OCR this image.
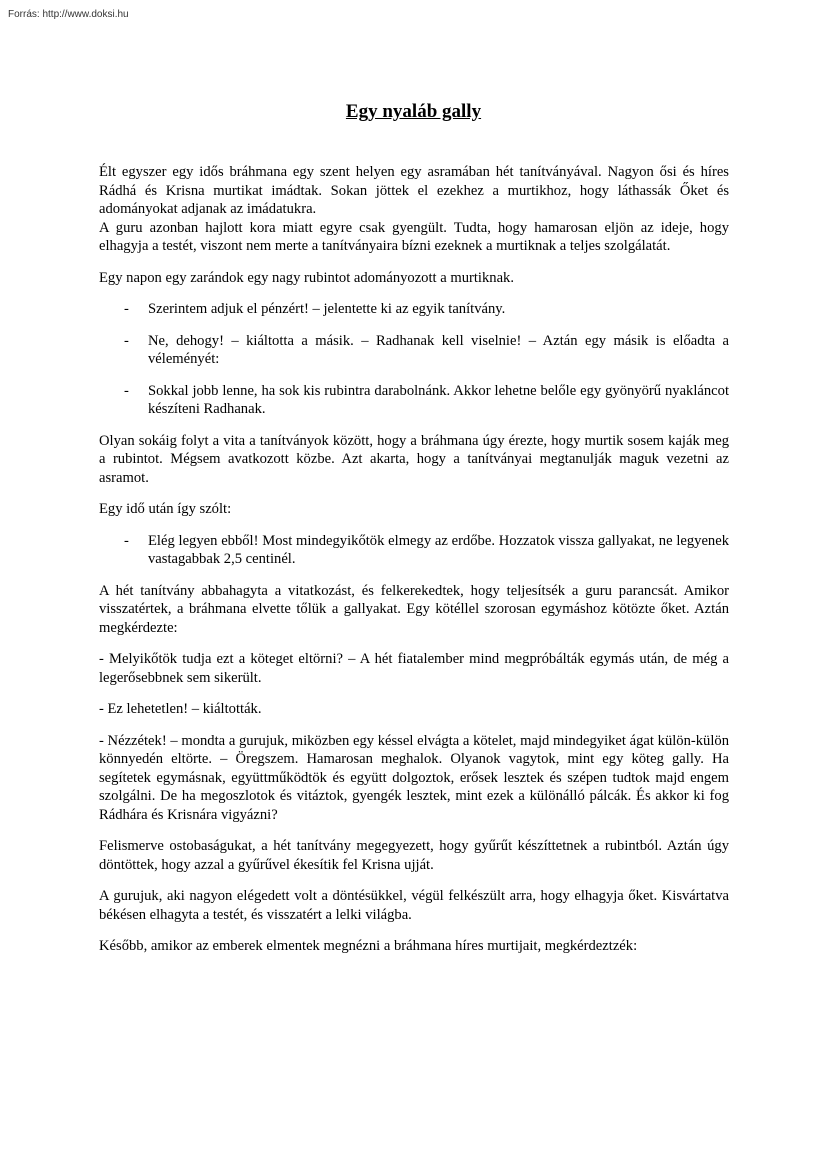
Forrás: http://www.doksi.hu
Egy nyaláb gally

Élt egyszer egy idős bráhmana egy szent helyen egy asramában hét tanítványával. Nagyon ősi és híres Rádhá és Krisna murtikat imádtak. Sokan jöttek el ezekhez a murtikhoz, hogy láthassák Őket és adományokat adjanak az imádatukra.

A guru azonban hajlott kora miatt egyre csak gyengült. Tudta, hogy hamarosan eljön az ideje, hogy elhagyja a testét, viszont nem merte a tanítványaira bízni ezeknek a murtiknak a teljes szolgálatát.

Egy napon egy zarándok egy nagy rubintot adományozott a murtiknak.

- Szerintem adjuk el pénzért! – jelentette ki az egyik tanítvány.
- Ne, dehogy! – kiáltotta a másik. – Radhanak kell viselnie! – Aztán egy másik is előadta a véleményét:
- Sokkal jobb lenne, ha sok kis rubintra darabolnánk. Akkor lehetne belőle egy gyönyörű nyakláncot készíteni Radhanak.

Olyan sokáig folyt a vita a tanítványok között, hogy a bráhmana úgy érezte, hogy murtik sosem kaják meg a rubintot. Mégsem avatkozott közbe. Azt akarta, hogy a tanítványai megtanulják maguk vezetni az asramot.

Egy idő után így szólt:

- Elég legyen ebből! Most mindegyikőtök elmegy az erdőbe. Hozzatok vissza gallyakat, ne legyenek vastagabbak 2,5 centinél.

A hét tanítvány abbahagyta a vitatkozást, és felkerekedtek, hogy teljesítsék a guru parancsát. Amikor visszatértek, a bráhmana elvette tőlük a gallyakat. Egy kötéllel szorosan egymáshoz kötözte őket. Aztán megkérdezte:

- Melyikőtök tudja ezt a köteget eltörni? – A hét fiatalember mind megpróbálták egymás után, de még a legerősebbnek sem sikerült.

- Ez lehetetlen! – kiáltották.

- Nézzétek! – mondta a gurujuk, miközben egy késsel elvágta a kötelet, majd mindegyiket ágat külön-külön könnyedén eltörte. – Öregszem. Hamarosan meghalok. Olyanok vagytok, mint egy köteg gally. Ha segítetek egymásnak, együttműködtök és együtt dolgoztok, erősek lesztek és szépen tudtok majd engem szolgálni. De ha megoszlotok és vitáztok, gyengék lesztek, mint ezek a különálló pálcák. És akkor ki fog Rádhára és Krisnára vigyázni?

Felismerve ostobaságukat, a hét tanítvány megegyezett, hogy gyűrűt készíttetnek a rubintból. Aztán úgy döntöttek, hogy azzal a gyűrűvel ékesítik fel Krisna ujját.

A gurujuk, aki nagyon elégedett volt a döntésükkel, végül felkészült arra, hogy elhagyja őket. Kisvártatva békésen elhagyta a testét, és visszatért a lelki világba.

Később, amikor az emberek elmentek megnézni a bráhmana híres murtijait, megkérdeztzék:
